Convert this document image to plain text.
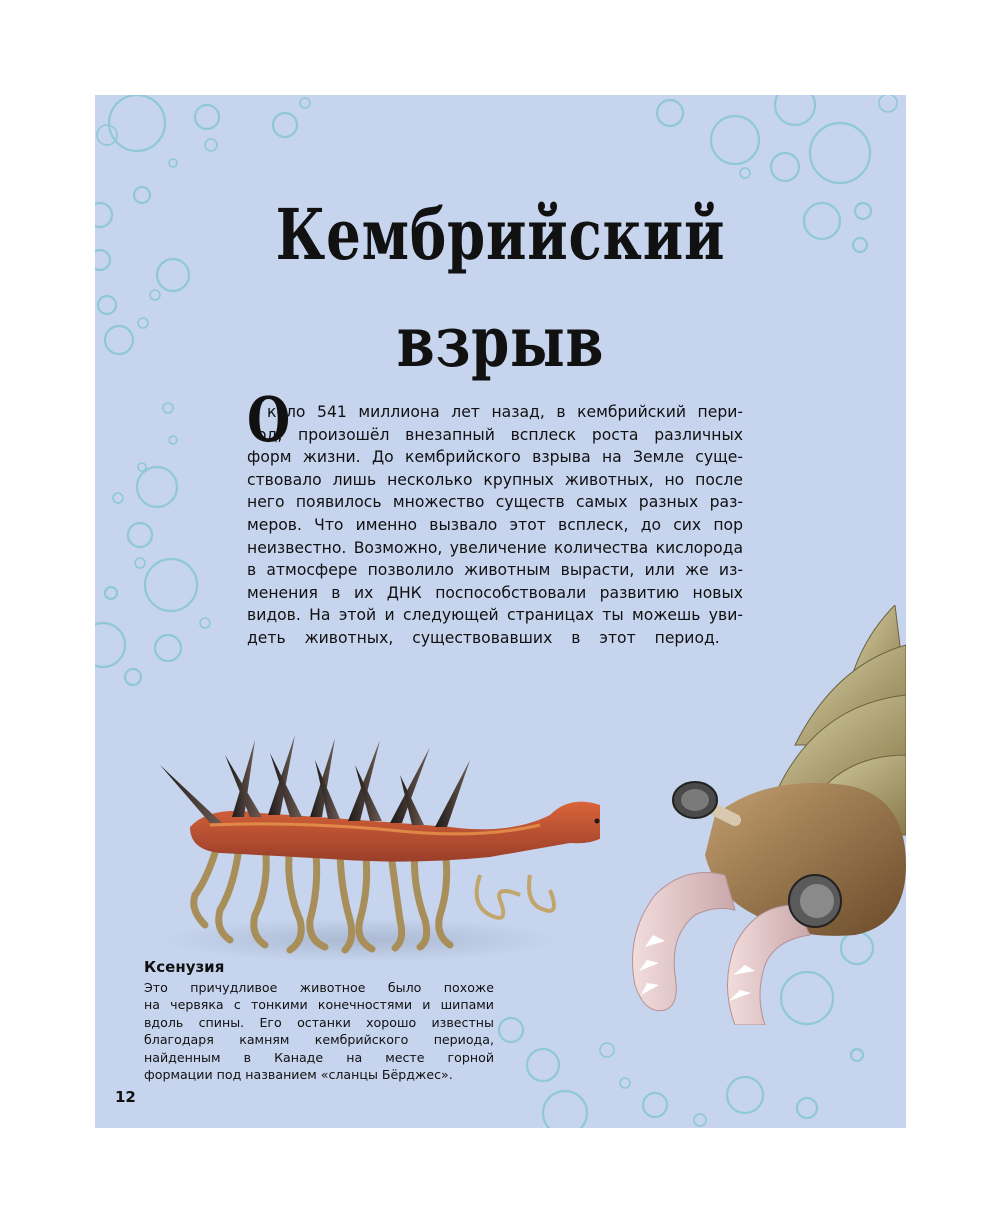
Кембрийский
взрыв
О
коло 541 миллиона лет назад, в кембрийский пери-
од, произошёл внезапный всплеск роста различных
форм жизни. До кембрийского взрыва на Земле суще-
ствовало лишь несколько крупных животных, но после
него появилось множество существ самых разных раз-
меров. Что именно вызвало этот всплеск, до сих пор
неизвестно. Возможно, увеличение количества кислорода
в атмосфере позволило животным вырасти, или же из-
менения в их ДНК поспособствовали развитию новых
видов. На этой и следующей страницах ты можешь уви-
деть животных, существовавших в этот период.
Ксенузия
Это причудливое животное было похоже
на червяка с тонкими конечностями и шипами
вдоль спины. Его останки хорошо известны
благодаря камням кембрийского периода,
найденным в Канаде на месте горной
формации под названием «сланцы Бёрджес».
12
